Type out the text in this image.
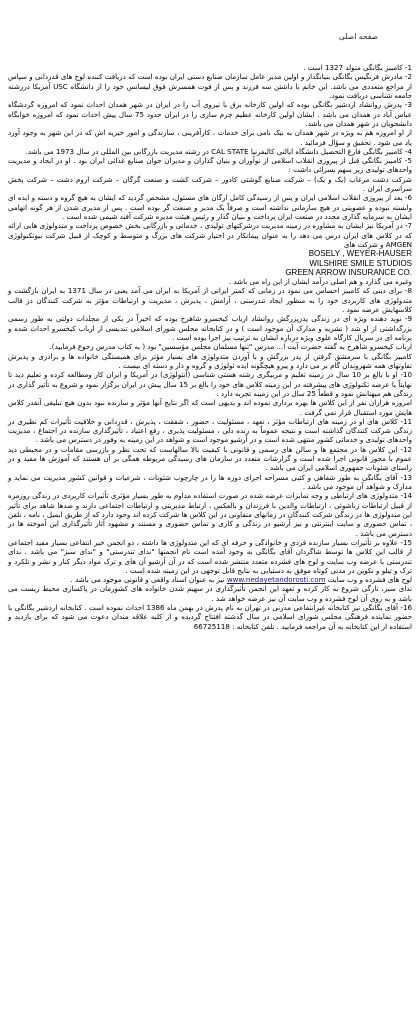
صفحه اصلی

1- کامبیز بگانگی متولد 1327 است .

2- مادرش فرنگیس بگانگی بنیانگذار و اولین مدیر عامل سازمان صنایع دستی ایران بوده است که دریافت کننده لوح های قدردانی و سپاس از مراجع متعددی می باشد. این خانم با داشتن سه فرزند و پس از فوت همسرش فوق لیسانس خود را از دانشگاه USC آمریکا دررشته جامعه شناسی دریافت نمود.

3- پدرش روانشاد اردشیر بگانگی بوده که اولین کارخانه برق با نیروی آب را در ایران در شهر همدان احداث نمود که امروزه گردشگاه عباس آباد در همدان می باشد . ایشان اولین کارخانه عظیم چرم سازی را در ایران حدود 75 سال پیش احداث نمود که امروزه خوابگاه دانشجویان در شهر همدان می باشد.

از او امروزه هم به ویژه در شهر همدان به نیک نامی برای خدمات ، کارآفرینی ، سازندگی و امور خیریه اش که در این شهر به وجود آورد یاد می شود . تحقیق و سؤال فرمائید .

4- کامبیز بگانگی فارغ التحصیل دانشگاه ایالتی کالیفرنیا CAL STATE در رشته مدیریت بازرگانی بین المللی در سال 1973 می باشد.

5- کامبیز بگانگی قبل از پیروزی انقلاب اسلامی از نوآوران و بنیان گذاران و مدیران جوان صنایع غذائی ایران بود . او در ایجاد و مدیریت واحدهای تولیدی زیر سهم بسزائی داشت :

شرکت دشت مرغاب (یک و یک) – شرکت صنایع گوشتی کادور – شرکت کشت و صنعت گرگان – شرکت اروم دشت – شرکت پخش سراسری ایران .

6- بعد از پیروزی انقلاب اسلامی ایران و پس از رسیدگی کامل ارگان های مسئول، مشخص گردید که ایشان به هیچ گروه و دسته و ایده ای وابسته نبوده و عضویتی در هیچ سازمانی نداشته است و صرفاً یک مدیر و صنعت گر بوده است . پس از مدیری شدن از هر گونه اتهامی ایشان به سرمایه گذاری مجدد در صنعت ایران پرداخت و بنیان گذار و رئیس هیئت مدیره شرکت آفند شیمی شده است .

7- در آمریکا نیز ایشان به مشاوره در زمینه مدیریت درشرکتهای تولیدی ، خدماتی و بازرگانی بخش خصوص پرداخت و متدولوژی هایی ارائه که در کلاس های ایران درس می دهد را به عنوان پیمانکار در اختیار شرکت های بزرگ و متوسط و کوچک از قبیل شرکت بیوتکنولوژی AMGEN و شرکت های

BOSELY , WEYER-HAUSER
WILSHIRE SMILE STUDIOS
GREEN ARROW INSURANCE CO.

وغیره می گذارد و هم اصلی درآمد ایشان از این راه می باشد .

8- برای دینی که کامبیز احساس می نمود در زمانی که کمتر ایرانی از آمریکا به ایران می آمد یعنی در سال 1371 به ایران بازگشت و متدولوژی های کاربردی خود را به منظور ایجاد تندرستی ، آرامش ، پذیرش ، مدیریت و ارتباطات مؤثر به شرکت کنندگان در قالب کلاسهایش عرضه نمود .

9- نوید دهنده ویژه ای در زندگی پدرپزرگش روانشاد ارباب کیخسرو شاهرخ بوده که اخیراً در یکی از مجلدات دولتی به طور رسمی بزرگداشتی از او شد ( نشریه و مدارک آن موجود است ) و در کتابخانه مجلس شورای اسلامی تندیسی از ارباب کیخسرو احداث شده و برنامه ای در سریال کارگاه علوی ویژه درباره ایشان به ترتیب نیز اجرا بوده است .

ارباب کیخسرو شاهرخ به گفته حضرت آیت ا... مدرس "تنها مسلمان مجلس مؤسسین" بود ( به کتاب مدرس رجوع فرمایید).

کامبیز بگانگی با سرمشق گرفتن از پدر بزرگش و با آوردن متدولوژی های بسیار مؤثر برای همبستگی خانواده ها و برادری و پذیرش تفاوتهای همه شهروندان گام بر می دارد و پیرو هیچگونه ایده ئولوژی و گروه و دار و دسته ای نیست .

10- او با بالغ بر 10 سال در زمینه تعلیم و مربیگری رشته هستی شناسی (آنتولوژی) در آمریکا و ایران کار ومطالعه کرده و تعلیم دید تا نهایتاً با عرضه تکنولوژی های پیشرفته در این زمینه کلاس های خود را بالغ بر 15 سال پیش در ایران برگزار نمود و شروع به تأثیر گذاری در زندگی هم میهنانش نمود و قطعاً 25 سال در این زمینه تجربه دارد .

امروزه هزاران نفر از این کلاس ها بهره برداری نموده اند و بدیهی است که اگر نتایج آنها مؤثر و سازنده نبود بدون هیچ تبلیغی آنقدر کلاس هایش مورد استقبال قرار نمی گرفت .

11- کلاس های او در زمینه های ارتباطات مؤثر ، تعهد ، مسئولیت ، حضور ، شفقت ، پذیرش ، قدردانی و خلاقیت تأثیرات کم نظیری در زندگی شرکت کنندگان گذاشته است و نتیجه عموماً به زنده دلی ، مسئولیت پذیری ، رفع اعتیاد ، تأثیرگذاری سازنده در اجتماع ، مدیریت واحدهای تولیدی و خدماتی کشور منتهی شده است و در آرشیو موجود است و شواهد در این زمینه به وفور در دسترس می باشد .

12- این کلاس ها در مجتمع ها و سالن های رسمی و قانونی با کیفیت بالا سالهاست که تحت نظر و بازرسی مقامات و در محیطی دید عموم با مجوز قانونی اجرا شده است و گزارشات متعدد در سازمان های رسیدگی مربوطه همگی بر آن هستند که آموزش ها مفید و در راستای شئونات جمهوری اسلامی ایران می باشد .

13- آقای بگانگی به طور شفاهی و کتبی مسراحه اجرای دوره ها را در چارچوب شئونات ، شرعیات و قوانین کشور مدیریت می نماید و مدارک و شواهد آن موجود می باشد .

14- متدولوژی های ارتباطی و وجه تمایزات عرضه شده در صورت استفاده مداوم به طور بسیار مؤثری تأثیرات کاربردی در زندگی روزمره از قبیل ارتباطات زناشوئی ، ارتباطات والدین با فرزندان و بالعکس ، ارتباط مدیریتی و ارتباطات اجتماعی دارند و صدها شاهد برای تأثیر این متدولوژی ها در زندگی شرکت کنندگان در زمانهای متفاوتی در این کلاس ها شرکت کرده اند وجود دارد که از طریق ایمیل ، نامه ، تلفن ، تماس حضوری و سایت اینترنتی و نیز آرشیو در زندگی و کاری و تماس حضوری و مستند و مشهود آثار تأثیرگذاری این آموخته ها در دسترس می باشد .

15- علاوه بر تأثیرات بسیار سازنده فردی و خانوادگی و حرفه ای که این متدولوژی ها داشته ، دو انجمن خیر انتفاعی بسیار مفید اجتماعی از قالب این کلاس ها توسط شاگردان آقای بگانگی به وجود آمده است نام انجمنها "ندای تندرستی" و "ندای سبز" می باشد . ندای تندرستی با عرضه وب سایت و لوح های فشرده متعدد منتشر شده است که در آن آرشیو آن های و ترک مواد دیگر کنار و نشر و تلکرد و ترک و تیلو و تکوین در مدتی کوتاه موفق به دستیابی به نتایج قابل توجهی در این زمینه شده است .

لوح های فشرده و وب سایت www.nedayetandorosti.com نیز به عنوان اسناد واقعی و قانونی موجود می باشد .

ندای سبز، تازگی شروع به کار کرده و تعهد این انجمن تأثیرگذاری در سهیم شدن خانواده های کشورمان در پاکسازی محیط زیست می باشد و به روی آن لوح فشرده و وب سایت آن نیز عرضه خواهد شد .

16- آقای بگانگی نیز کتابخانه غیرانتفاعی مدرنی در تهران به نام پدرش در بهمن ماه 1386 احداث نموده است . کتابخانه اردشیر بگانگی با حضور نماینده فرهنگی مجلس شورای اسلامی در سال گذشته افتتاح گردیده و از کلیه علاقه مندان دعوت می شود که برای بازدید و استفاده از این کتابخانه به آن مراجعه فرمایید . تلفن کتابخانه : 66725118
